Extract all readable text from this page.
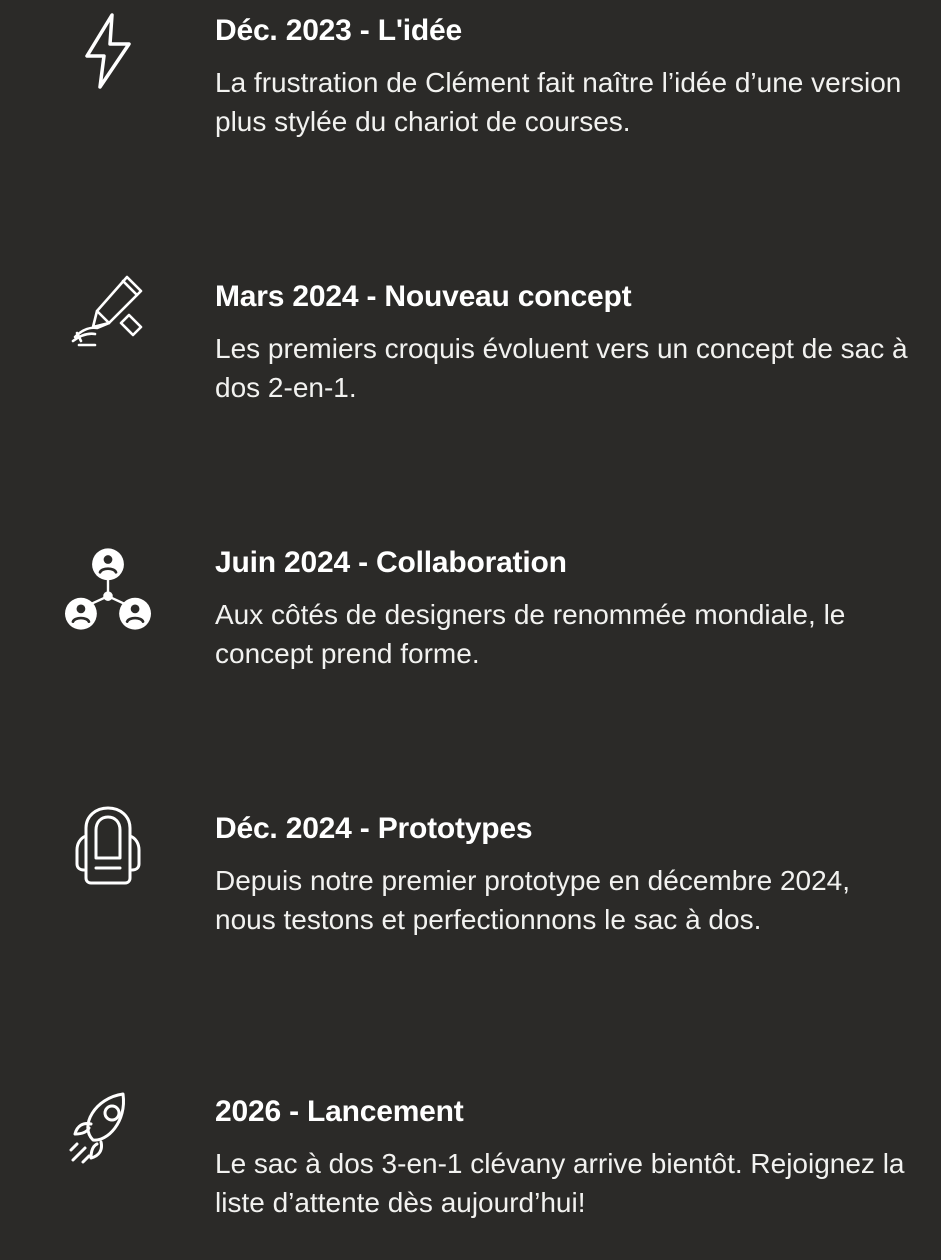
Déc. 2023 - L'idée

La frustration de Clément fait naître l’idée d’une version plus stylée du chariot de courses.

Mars 2024 - Nouveau concept

Les premiers croquis évoluent vers un concept de sac à dos 2-en-1.

Juin 2024 - Collaboration

Aux côtés de designers de renommée mondiale, le concept prend forme.

Déc. 2024 - Prototypes

Depuis notre premier prototype en décembre 2024, nous testons et perfectionnons le sac à dos.

2026 - Lancement

Le sac à dos 3-en-1 clévany arrive bientôt. Rejoignez la liste d’attente dès aujourd’hui!
